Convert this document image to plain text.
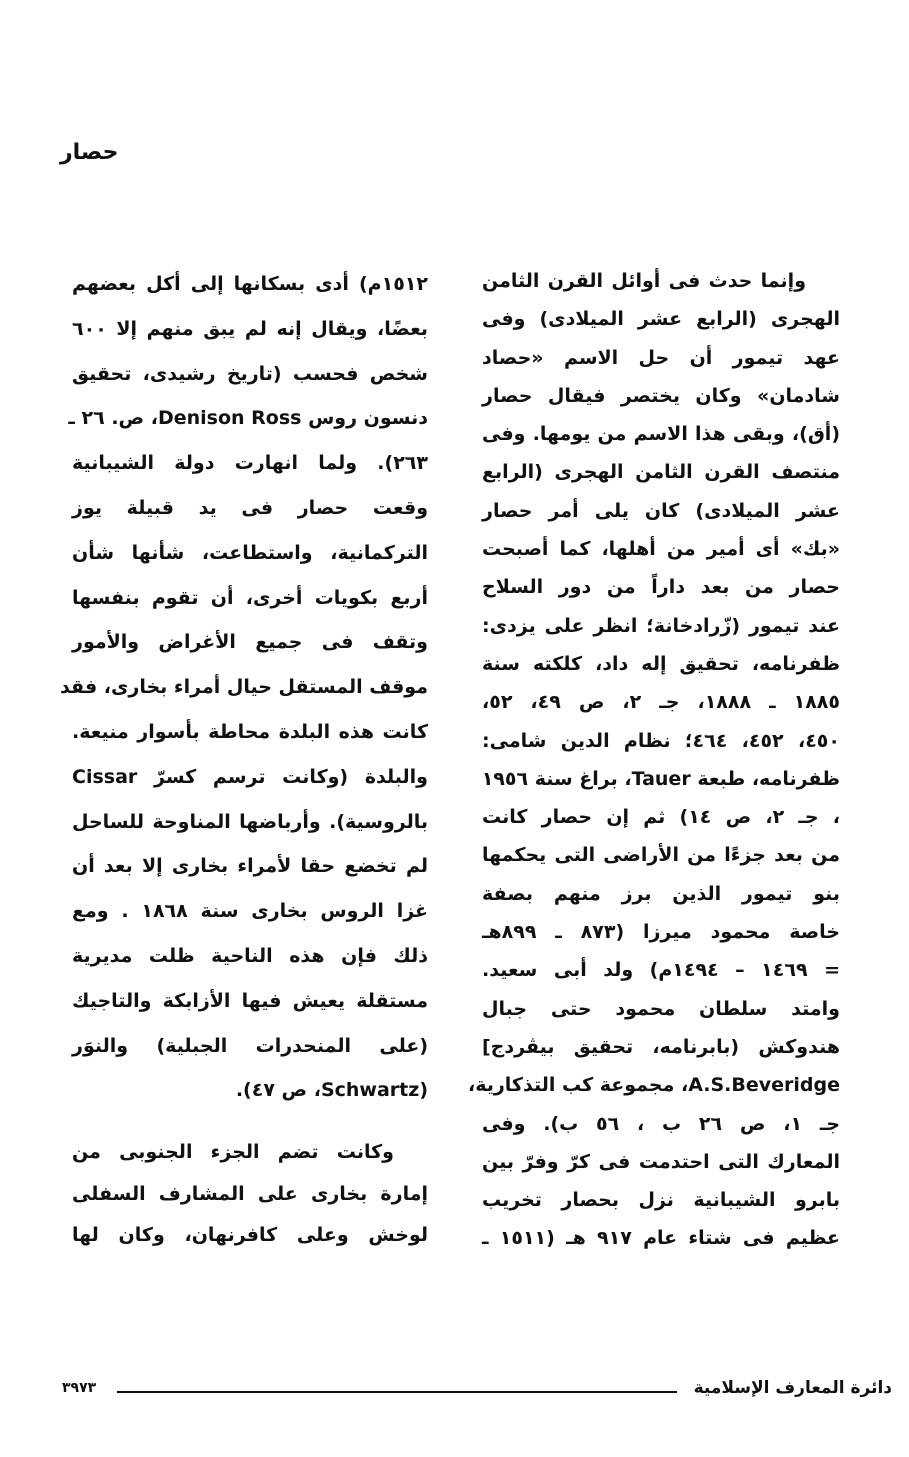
حصار
وإنما حدث فى أوائل القرن الثامن
الهجرى (الرابع عشر الميلادى) وفى
عهد تيمور أن حل الاسم «حصاد
شادمان» وكان يختصر فيقال حصار
(أق)، وبقى هذا الاسم من يومها. وفى
منتصف القرن الثامن الهجرى (الرابع
عشر الميلادى) كان يلى أمر حصار
«بك» أى أمير من أهلها، كما أصبحت
حصار من بعد داراً من دور السلاح
عند تيمور (زّرادخانة؛ انظر على يزدى:
ظفرنامه، تحقيق إله داد، كلكته سنة
١٨٨٥ ـ ١٨٨٨، جـ ٢، ص ٤٩، ٥٢،
٤٥٠، ٤٥٢، ٤٦٤؛ نظام الدين شامى:
ظفرنامه، طبعة Tauer، براغ سنة ١٩٥٦
، جـ ٢، ص ١٤) ثم إن حصار كانت
من بعد جزءًا من الأراضى التى يحكمها
بنو تيمور الذين برز منهم بصفة
خاصة محمود ميرزا (٨٧٣ ـ ٨٩٩هـ
= ١٤٦٩ – ١٤٩٤م) ولد أبى سعيد.
وامتد سلطان محمود حتى جبال
هندوكش (بابرنامه، تحقيق بيڤردج]
A.S.Beveridge، مجموعة كب التذكارية،
جـ ١، ص ٢٦ ب ، ٥٦ ب). وفى
المعارك التى احتدمت فى كرّ وفرّ بين
بابرو الشيبانية نزل بحصار تخريب
عظيم فى شتاء عام ٩١٧ هـ (١٥١١ ـ
١٥١٢م) أدى بسكانها إلى أكل بعضهم
بعضًا، ويقال إنه لم يبق منهم إلا ٦٠٠
شخص فحسب (تاريخ رشيدى، تحقيق
دنسون روس Denison Ross، ص. ٢٦ ـ
٢٦٣). ولما انهارت دولة الشيبانية
وقعت حصار فى يد قبيلة يوز
التركمانية، واستطاعت، شأنها شأن
أربع بكويات أخرى، أن تقوم بنفسها
وتقف فى جميع الأغراض والأمور
موقف المستقل حيال أمراء بخارى، فقد
كانت هذه البلدة محاطة بأسوار منيعة.
والبلدة (وكانت ترسم كسرّ Cissar
بالروسية). وأرباضها المناوحة للساحل
لم تخضع حقا لأمراء بخارى إلا بعد أن
غزا الروس بخارى سنة ١٨٦٨ . ومع
ذلك فإن هذه الناحية ظلت مديرية
مستقلة يعيش فيها الأزابكة والتاجيك
(على المنحدرات الجبلية) والنوَر
(Schwartz، ص ٤٧).
وكانت تضم الجزء الجنوبى من
إمارة بخارى على المشارف السفلى
لوخش وعلى كافرنهان، وكان لها
دائرة المعارف الإسلامية
٣٩٧٣
